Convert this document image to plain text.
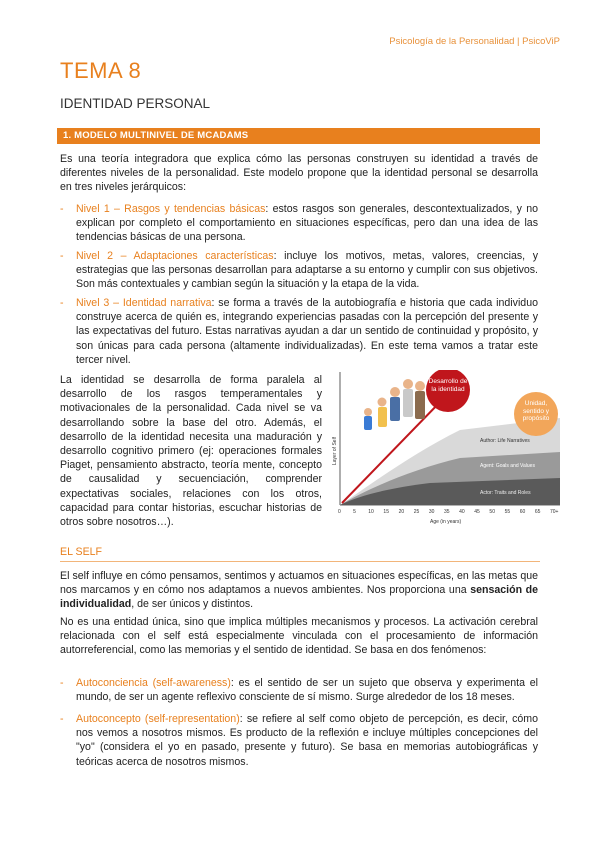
Psicología de la Personalidad | PsicoViP
TEMA 8
IDENTIDAD PERSONAL
1. MODELO MULTINIVEL DE MCADAMS
Es una teoría integradora que explica cómo las personas construyen su identidad a través de diferentes niveles de la personalidad. Este modelo propone que la identidad personal se desarrolla en tres niveles jerárquicos:
- Nivel 1 – Rasgos y tendencias básicas: estos rasgos son generales, descontextualizados, y no explican por completo el comportamiento en situaciones específicas, pero dan una idea de las tendencias básicas de una persona.
- Nivel 2 – Adaptaciones características: incluye los motivos, metas, valores, creencias, y estrategias que las personas desarrollan para adaptarse a su entorno y cumplir con sus objetivos. Son más contextuales y cambian según la situación y la etapa de la vida.
- Nivel 3 – Identidad narrativa: se forma a través de la autobiografía e historia que cada individuo construye acerca de quién es, integrando experiencias pasadas con la percepción del presente y las expectativas del futuro. Estas narrativas ayudan a dar un sentido de continuidad y propósito, y son únicas para cada persona (altamente individualizadas). En este tema vamos a tratar este tercer nivel.
La identidad se desarrolla de forma paralela al desarrollo de los rasgos temperamentales y motivacionales de la personalidad. Cada nivel se va desarrollando sobre la base del otro. Además, el desarrollo de la identidad necesita una maduración y desarrollo cognitivo primero (ej: operaciones formales Piaget, pensamiento abstracto, teoría mente, concepto de causalidad y secuenciación, comprender expectativas sociales, relaciones con los otros, capacidad para contar historias, escuchar historias de otros sobre nosotros…).
Desarrollo de la identidad
Unidad, sentido y propósito
Author: Life Narratives
Agent: Goals and Values
Actor: Traits and Roles
Layer of Self
0 5 10 15 20 25 30 35 40 45 50 55 60 65 70+
Age (in years)
EL SELF
El self influye en cómo pensamos, sentimos y actuamos en situaciones específicas, en las metas que nos marcamos y en cómo nos adaptamos a nuevos ambientes. Nos proporciona una sensación de individualidad, de ser únicos y distintos.
No es una entidad única, sino que implica múltiples mecanismos y procesos. La activación cerebral relacionada con el self está especialmente vinculada con el procesamiento de información autorreferencial, como las memorias y el sentido de identidad. Se basa en dos fenómenos:
- Autoconciencia (self-awareness): es el sentido de ser un sujeto que observa y experimenta el mundo, de ser un agente reflexivo consciente de sí mismo. Surge alrededor de los 18 meses.
- Autoconcepto (self-representation): se refiere al self como objeto de percepción, es decir, cómo nos vemos a nosotros mismos. Es producto de la reflexión e incluye múltiples concepciones del "yo" (considera el yo en pasado, presente y futuro). Se basa en memorias autobiográficas y teóricas acerca de nosotros mismos.
